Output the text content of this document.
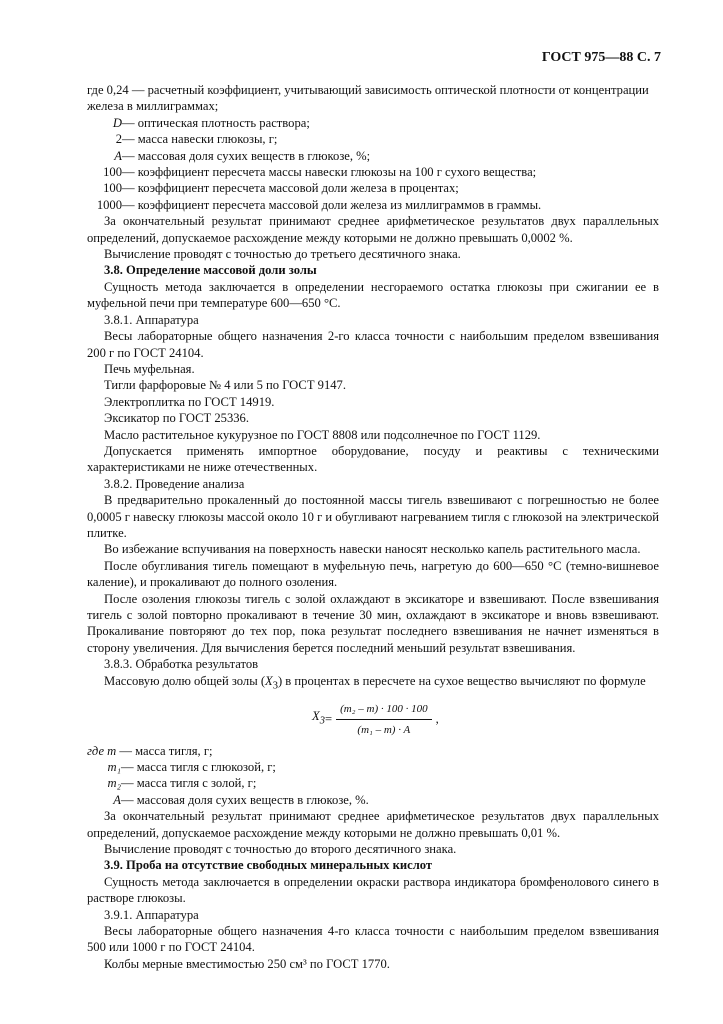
ГОСТ 975—88 С. 7
где 0,24 — расчетный коэффициент, учитывающий зависимость оптической плотности от концентрации железа в миллиграммах;
D — оптическая плотность раствора;
2 — масса навески глюкозы, г;
A — массовая доля сухих веществ в глюкозе, %;
100 — коэффициент пересчета массы навески глюкозы на 100 г сухого вещества;
100 — коэффициент пересчета массовой доли железа в процентах;
1000 — коэффициент пересчета массовой доли железа из миллиграммов в граммы.

За окончательный результат принимают среднее арифметическое результатов двух параллельных определений, допускаемое расхождение между которыми не должно превышать 0,0002 %.

Вычисление проводят с точностью до третьего десятичного знака.

3.8. Определение массовой доли золы

Сущность метода заключается в определении несгораемого остатка глюкозы при сжигании ее в муфельной печи при температуре 600—650 °С.

3.8.1. Аппаратура

Весы лабораторные общего назначения 2-го класса точности с наибольшим пределом взвешивания 200 г по ГОСТ 24104.

Печь муфельная.

Тигли фарфоровые № 4 или 5 по ГОСТ 9147.

Электроплитка по ГОСТ 14919.

Эксикатор по ГОСТ 25336.

Масло растительное кукурузное по ГОСТ 8808 или подсолнечное по ГОСТ 1129.

Допускается применять импортное оборудование, посуду и реактивы с техническими характеристиками не ниже отечественных.

3.8.2. Проведение анализа

В предварительно прокаленный до постоянной массы тигель взвешивают с погрешностью не более 0,0005 г навеску глюкозы массой около 10 г и обугливают нагреванием тигля с глюкозой на электрической плитке.

Во избежание вспучивания на поверхность навески наносят несколько капель растительного масла.

После обугливания тигель помещают в муфельную печь, нагретую до 600—650 °С (темно-вишневое каление), и прокаливают до полного озоления.

После озоления глюкозы тигель с золой охлаждают в эксикаторе и взвешивают. После взвешивания тигель с золой повторно прокаливают в течение 30 мин, охлаждают в эксикаторе и вновь взвешивают. Прокаливание повторяют до тех пор, пока результат последнего взвешивания не начнет изменяться в сторону увеличения. Для вычисления берется последний меньший результат взвешивания.

3.8.3. Обработка результатов

Массовую долю общей золы $(X_3)$ в процентах в пересчете на сухое вещество вычисляют по формуле

$X_3 = \frac{\text{(m₂ – m) · 100 · 100}}{\text{(m₁ – m) · A}}$ ,
где m — масса тигля, г;
m₁ — масса тигля с глюкозой, г;
m₂ — масса тигля с золой, г;
A — массовая доля сухих веществ в глюкозе, %.

За окончательный результат принимают среднее арифметическое результатов двух параллельных определений, допускаемое расхождение между которыми не должно превышать 0,01 %.

Вычисление проводят с точностью до второго десятичного знака.

3.9. Проба на отсутствие свободных минеральных кислот

Сущность метода заключается в определении окраски раствора индикатора бромфенолового синего в растворе глюкозы.

3.9.1. Аппаратура

Весы лабораторные общего назначения 4-го класса точности с наибольшим пределом взвешивания 500 или 1000 г по ГОСТ 24104.

Колбы мерные вместимостью 250 см³ по ГОСТ 1770.
